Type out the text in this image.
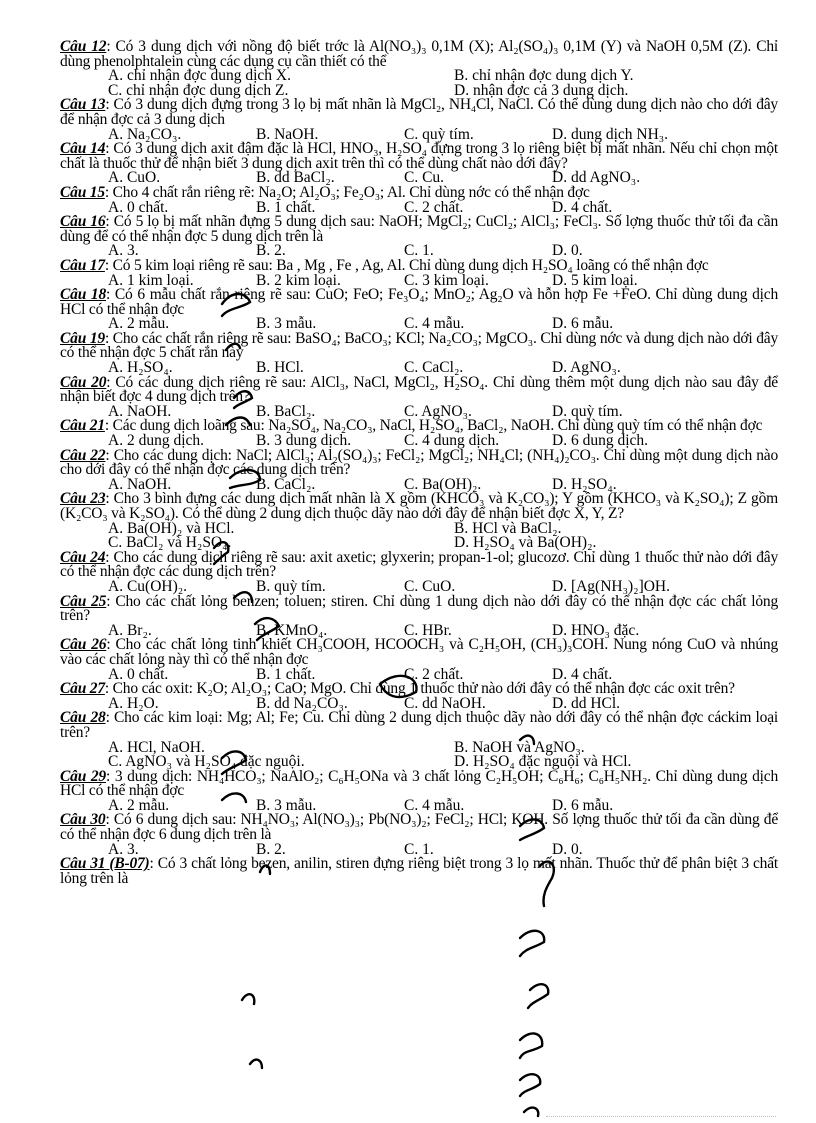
Câu 12: Có 3 dung dịch với nồng độ biết trớc là Al(NO₃)₃ 0,1M (X); Al₂(SO₄)₃ 0,1M (Y) và NaOH 0,5M (Z). Chỉ dùng phenolphtalein cùng các dụng cụ cần thiết có thể
A. chỉ nhận đợc dung dịch X.	B. chỉ nhận đợc dung dịch Y.
C. chỉ nhận đợc dung dịch Z.	D. nhận đợc cả 3 dung dịch.
Câu 13: Có 3 dung dịch đựng trong 3 lọ bị mất nhãn là MgCl₂, NH₄Cl, NaCl. Có thể dùng dung dịch nào cho dới đây để nhận đợc cả 3 dung dịch
A. Na₂CO₃.	B. NaOH.	C. quỳ tím.	D. dung dịch NH₃.
Câu 14: Có 3 dung dịch axit đậm đặc là HCl, HNO₃, H₂SO₄ đựng trong 3 lọ riêng biệt bị mất nhãn. Nếu chỉ chọn một chất là thuốc thử để nhận biết 3 dung dịch axit trên thì có thể dùng chất nào dới đây?
A. CuO.	B. dd BaCl₂.	C. Cu.	D. dd AgNO₃.
Câu 15: Cho 4 chất rắn riêng rẽ: Na₂O; Al₂O₃; Fe₂O₃; Al. Chỉ dùng nớc có thể nhận đợc
A. 0 chất.	B. 1 chất.	C. 2 chất.	D. 4 chất.
Câu 16: Có 5 lọ bị mất nhãn đựng 5 dung dịch sau: NaOH; MgCl₂; CuCl₂; AlCl₃; FeCl₃. Số lợng thuốc thử tối đa cần dùng để có thể nhận đợc 5 dung dịch trên là
A. 3.	B. 2.	C. 1.	D. 0.
Câu 17: Có 5 kim loại riêng rẽ sau: Ba , Mg , Fe , Ag, Al. Chỉ dùng dung dịch H₂SO₄ loãng có thể nhận đợc
A. 1 kim loại.	B. 2 kim loại.	C. 3 kim loại.	D. 5 kim loại.
Câu 18: Có 6 mẫu chất rắn riêng rẽ sau: CuO; FeO; Fe₃O₄; MnO₂; Ag₂O và hỗn hợp Fe +FeO. Chỉ dùng dung dịch HCl có thể nhận đợc
A. 2 mẫu.	B. 3 mẫu.	C. 4 mẫu.	D. 6 mẫu.
Câu 19: Cho các chất rắn riêng rẽ sau: BaSO₄; BaCO₃; KCl; Na₂CO₃; MgCO₃. Chỉ dùng nớc và dung dịch nào dới đây có thể nhận đợc 5 chất rắn này
A. H₂SO₄.	B. HCl.	C. CaCl₂.	D. AgNO₃.
Câu 20: Có các dung dịch riêng rẽ sau: AlCl₃, NaCl, MgCl₂, H₂SO₄. Chỉ dùng thêm một dung dịch nào sau đây để nhận biết đợc 4 dung dịch trên?
A. NaOH.	B. BaCl₂.	C. AgNO₃.	D. quỳ tím.
Câu 21: Các dung dịch loãng sau: Na₂SO₄, Na₂CO₃, NaCl, H₂SO₄, BaCl₂, NaOH. Chỉ dùng quỳ tím có thể nhận đợc
A. 2 dung dịch.	B. 3 dung dịch.	C. 4 dung dịch.	D. 6 dung dịch.
Câu 22: Cho các dung dịch: NaCl; AlCl₃; Al₂(SO₄)₃; FeCl₂; MgCl₂; NH₄Cl; (NH₄)₂CO₃. Chỉ dùng một dung dịch nào cho dới đây có thể nhận đợc các dung dịch trên?
A. NaOH.	B. CaCl₂.	C. Ba(OH)₂.	D. H₂SO₄.
Câu 23: Cho 3 bình đựng các dung dịch mất nhãn là X gồm (KHCO₃ và K₂CO₃); Y gồm (KHCO₃ và K₂SO₄); Z gồm (K₂CO₃ và K₂SO₄). Có thể dùng 2 dung dịch thuộc dãy nào dới đây để nhận biết đợc X, Y, Z?
A. Ba(OH)₂ và HCl.	B. HCl và BaCl₂.
C. BaCl₂ và H₂SO₄.	D. H₂SO₄ và Ba(OH)₂.
Câu 24: Cho các dung dịch riêng rẽ sau: axit axetic; glyxerin; propan-1-ol; glucozơ. Chỉ dùng 1 thuốc thử nào dới đây có thể nhận đợc các dung dịch trên?
A. Cu(OH)₂.	B. quỳ tím.	C. CuO.	D. [Ag(NH₃)₂]OH.
Câu 25: Cho các chất lỏng benzen; toluen; stiren. Chỉ dùng 1 dung dịch nào dới đây có thể nhận đợc các chất lỏng trên?
A. Br₂.	B. KMnO₄.	C. HBr.	D. HNO₃ đặc.
Câu 26: Cho các chất lỏng tinh khiết CH₃COOH, HCOOCH₃ và C₂H₅OH, (CH₃)₃COH. Nung nóng CuO và nhúng vào các chất lỏng này thì có thể nhận đợc
A. 0 chất.	B. 1 chất.	C. 2 chất.	D. 4 chất.
Câu 27: Cho các oxit: K₂O; Al₂O₃; CaO; MgO. Chỉ dùng 1 thuốc thử nào dới đây có thể nhận đợc các oxit trên?
A. H₂O.	B. dd Na₂CO₃.	C. dd NaOH.	D. dd HCl.
Câu 28: Cho các kim loại: Mg; Al; Fe; Cu. Chỉ dùng 2 dung dịch thuộc dãy nào dới đây có thể nhận đợc cáckim loại trên?
A. HCl, NaOH.	B. NaOH và AgNO₃.
C. AgNO₃ và H₂SO₄ đặc nguội.	D. H₂SO₄ đặc nguội và HCl.
Câu 29: 3 dung dịch: NH₄HCO₃; NaAlO₂; C₆H₅ONa và 3 chất lỏng C₂H₅OH; C₆H₆; C₆H₅NH₂. Chỉ dùng dung dịch HCl có thể nhận đợc
A. 2 mẫu.	B. 3 mẫu.	C. 4 mẫu.	D. 6 mẫu.
Câu 30: Có 6 dung dịch sau: NH₄NO₃; Al(NO₃)₃; Pb(NO₃)₂; FeCl₂; HCl; KOH. Số lợng thuốc thử tối đa cần dùng để có thể nhận đợc 6 dung dịch trên là
A. 3.	B. 2.	C. 1.	D. 0.
Câu 31 (B-07): Có 3 chất lỏng bezen, anilin, stiren đựng riêng biệt trong 3 lọ mất nhãn. Thuốc thử để phân biệt 3 chất lỏng trên là
